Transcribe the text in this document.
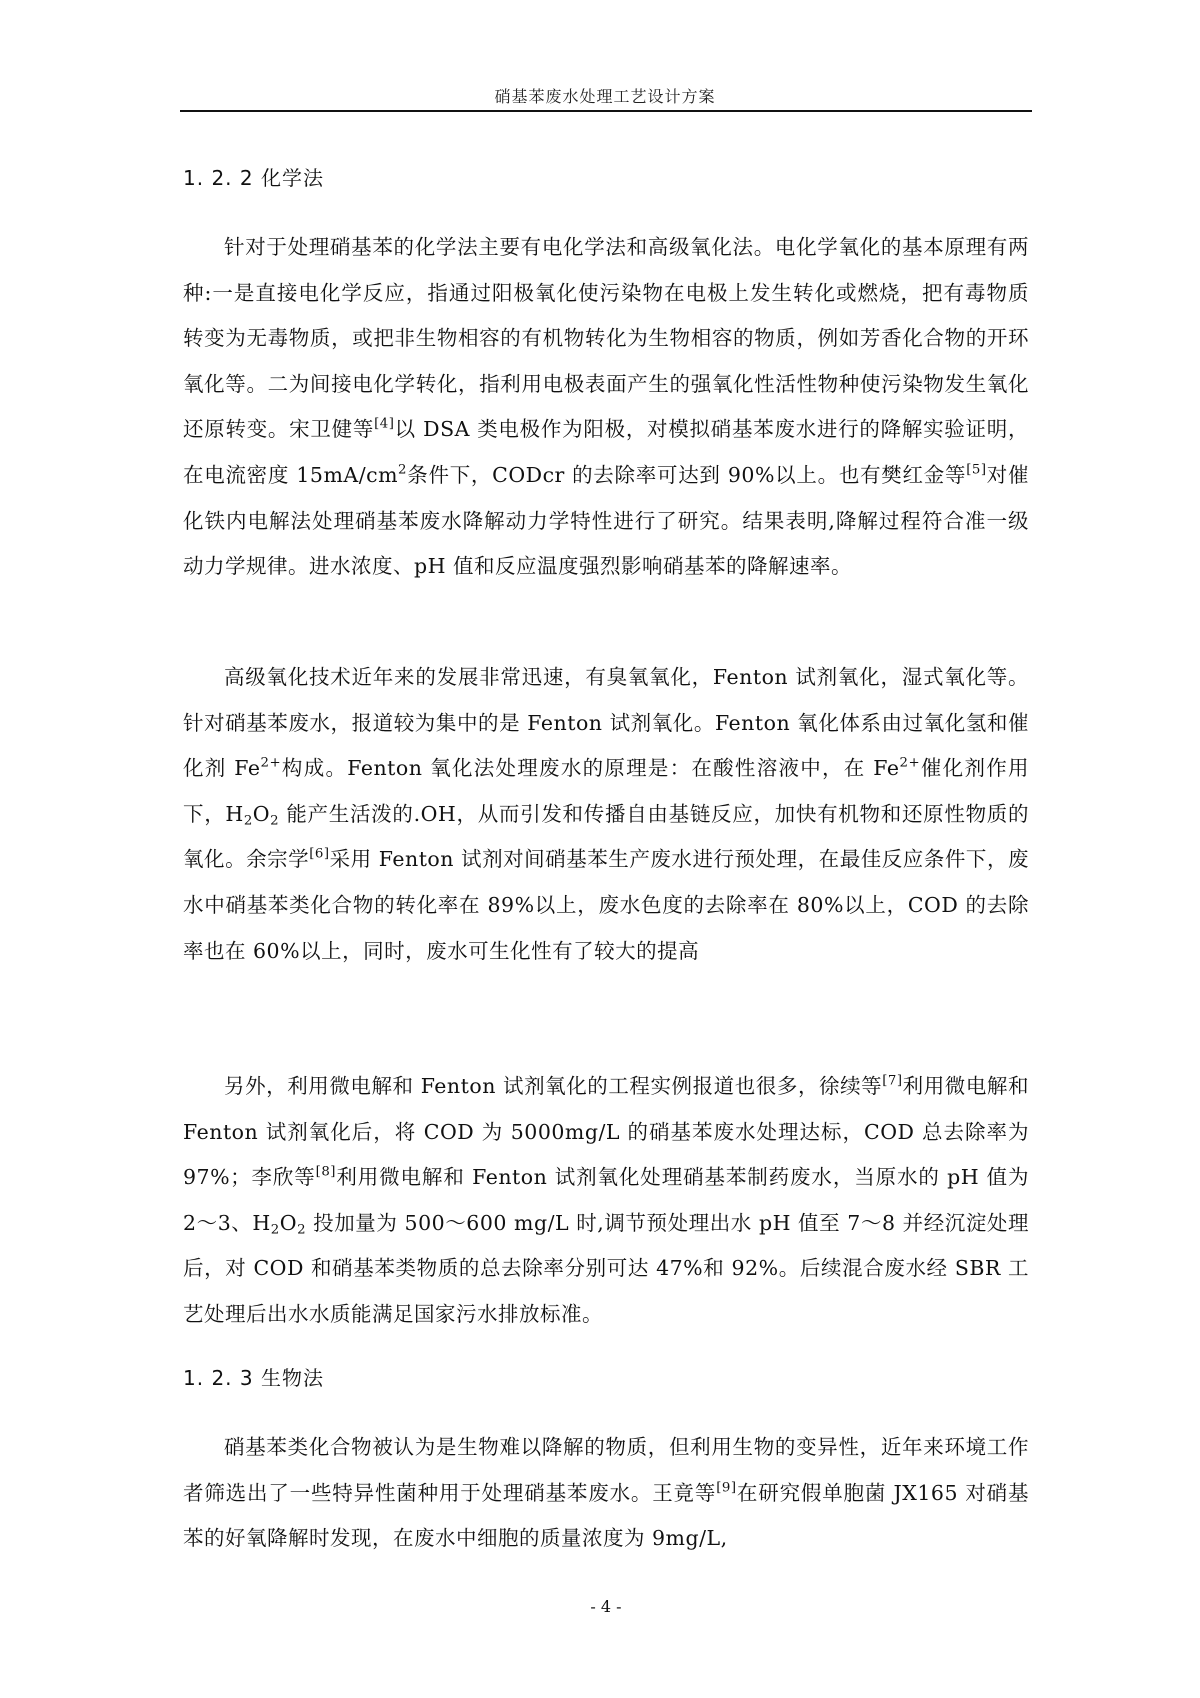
硝基苯废水处理工艺设计方案
1. 2. 2 化学法

针对于处理硝基苯的化学法主要有电化学法和高级氧化法。电化学氧化的基本原理有两种:一是直接电化学反应，指通过阳极氧化使污染物在电极上发生转化或燃烧，把有毒物质转变为无毒物质，或把非生物相容的有机物转化为生物相容的物质，例如芳香化合物的开环氧化等。二为间接电化学转化，指利用电极表面产生的强氧化性活性物种使污染物发生氧化还原转变。宋卫健等[4]以 DSA 类电极作为阳极，对模拟硝基苯废水进行的降解实验证明，在电流密度 $15mA/cm^2$条件下，CODcr 的去除率可达到 90%以上。也有樊红金等[5]对催化铁内电解法处理硝基苯废水降解动力学特性进行了研究。结果表明,降解过程符合准一级动力学规律。进水浓度、pH 值和反应温度强烈影响硝基苯的降解速率。

高级氧化技术近年来的发展非常迅速，有臭氧氧化，Fenton 试剂氧化，湿式氧化等。针对硝基苯废水，报道较为集中的是 Fenton 试剂氧化。Fenton 氧化体系由过氧化氢和催化剂 $Fe^{2+}$构成。Fenton 氧化法处理废水的原理是：在酸性溶液中，在 $Fe^{2+}$催化剂作用下，$H_2O_2$ 能产生活泼的.OH，从而引发和传播自由基链反应，加快有机物和还原性物质的氧化。余宗学[6]采用 Fenton 试剂对间硝基苯生产废水进行预处理，在最佳反应条件下，废水中硝基苯类化合物的转化率在 89%以上，废水色度的去除率在 80%以上，COD 的去除率也在 60%以上，同时，废水可生化性有了较大的提高

另外，利用微电解和 Fenton 试剂氧化的工程实例报道也很多，徐续等[7]利用微电解和 Fenton 试剂氧化后，将 COD 为 5000mg/L 的硝基苯废水处理达标，COD 总去除率为 97%；李欣等[8]利用微电解和 Fenton 试剂氧化处理硝基苯制药废水，当原水的 pH 值为 2～3、$H_2O_2$ 投加量为 500～600 mg/L 时,调节预处理出水 pH 值至 7～8 并经沉淀处理后，对 COD 和硝基苯类物质的总去除率分别可达 47%和 92%。后续混合废水经 SBR 工艺处理后出水水质能满足国家污水排放标准。

1. 2. 3 生物法

硝基苯类化合物被认为是生物难以降解的物质，但利用生物的变异性，近年来环境工作者筛选出了一些特异性菌种用于处理硝基苯废水。王竟等[9]在研究假单胞菌 JX165 对硝基苯的好氧降解时发现，在废水中细胞的质量浓度为 9mg/L,

- 4 -
